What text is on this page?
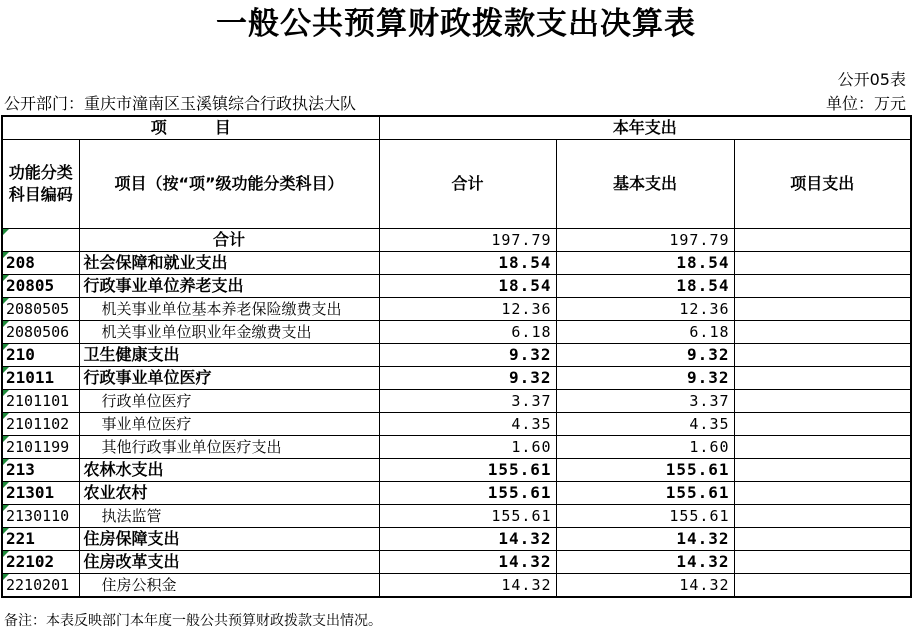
一般公共预算财政拨款支出决算表
公开05表
公开部门：重庆市潼南区玉溪镇综合行政执法大队	单位：万元
项　　　目		本年支出		
功能分类科目编码	项目（按“项”级功能分类科目）	合计	基本支出	项目支出

	合计	197.79	197.79	

208	社会保障和就业支出	18.54	18.54	

20805	行政事业单位养老支出	18.54	18.54	

2080505	机关事业单位基本养老保险缴费支出	12.36	12.36	

2080506	机关事业单位职业年金缴费支出	6.18	6.18	

210	卫生健康支出	9.32	9.32	

21011	行政事业单位医疗	9.32	9.32	

2101101	行政单位医疗	3.37	3.37	

2101102	事业单位医疗	4.35	4.35	

2101199	其他行政事业单位医疗支出	1.60	1.60	

213	农林水支出	155.61	155.61	

21301	农业农村	155.61	155.61	

2130110	执法监管	155.61	155.61	

221	住房保障支出	14.32	14.32	

22102	住房改革支出	14.32	14.32	

2210201	住房公积金	14.32	14.32	
备注：本表反映部门本年度一般公共预算财政拨款支出情况。
